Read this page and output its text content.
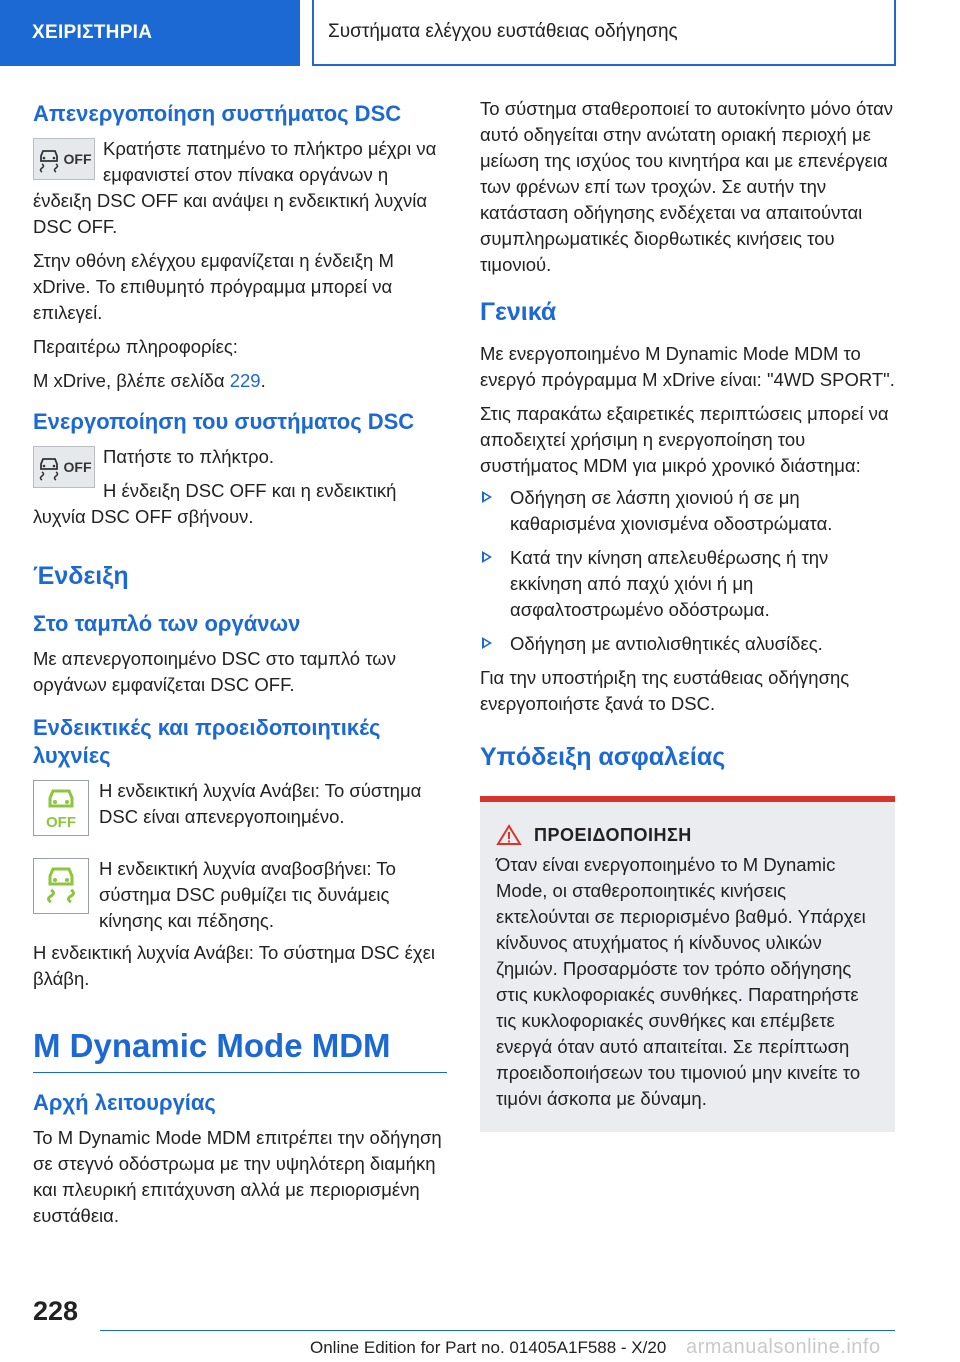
ΧΕΙΡΙΣΤΗΡΙΑ	Συστήματα ελέγχου ευστάθειας οδήγησης
Απενεργοποίηση συστήματος DSC
OFF Κρατήστε πατημένο το πλήκτρο μέχρι να εμφανιστεί στον πίνακα οργάνων η ένδειξη DSC OFF και ανάψει η ενδεικτική λυχνία DSC OFF.

Στην οθόνη ελέγχου εμφανίζεται η ένδειξη M xDrive. Το επιθυμητό πρόγραμμα μπορεί να επιλεγεί.

Περαιτέρω πληροφορίες:

M xDrive, βλέπε σελίδα 229.

Ενεργοποίηση του συστήματος DSC
OFF Πατήστε το πλήκτρο.

Η ένδειξη DSC OFF και η ενδεικτική λυχνία DSC OFF σβήνουν.

Ένδειξη
Στο ταμπλό των οργάνων

Με απενεργοποιημένο DSC στο ταμπλό των οργάνων εμφανίζεται DSC OFF.

Ενδεικτικές και προειδοποιητικές λυχνίες
OFF

Η ενδεικτική λυχνία Ανάβει: Το σύστημα DSC είναι απενεργοποιημένο.

Η ενδεικτική λυχνία αναβοσβήνει: Το σύστημα DSC ρυθμίζει τις δυνάμεις κίνησης και πέδησης.

Η ενδεικτική λυχνία Ανάβει: Το σύστημα DSC έχει βλάβη.

M Dynamic Mode MDM
Αρχή λειτουργίας

Το M Dynamic Mode MDM επιτρέπει την οδήγηση σε στεγνό οδόστρωμα με την υψηλότερη διαμήκη και πλευρική επιτάχυνση αλλά με περιορισμένη ευστάθεια.

Το σύστημα σταθεροποιεί το αυτοκίνητο μόνο όταν αυτό οδηγείται στην ανώτατη οριακή περιοχή με μείωση της ισχύος του κινητήρα και με επενέργεια των φρένων επί των τροχών. Σε αυτήν την κατάσταση οδήγησης ενδέχεται να απαιτούνται συμπληρωματικές διορθωτικές κινήσεις του τιμονιού.

Γενικά

Με ενεργοποιημένο M Dynamic Mode MDM το ενεργό πρόγραμμα M xDrive είναι: "4WD SPORT".

Στις παρακάτω εξαιρετικές περιπτώσεις μπορεί να αποδειχτεί χρήσιμη η ενεργοποίηση του συστήματος MDM για μικρό χρονικό διάστημα:

Οδήγηση σε λάσπη χιονιού ή σε μη καθαρισμένα χιονισμένα οδοστρώματα.
Κατά την κίνηση απελευθέρωσης ή την εκκίνηση από παχύ χιόνι ή μη ασφαλτοστρωμένο οδόστρωμα.
Οδήγηση με αντιολισθητικές αλυσίδες.

Για την υποστήριξη της ευστάθειας οδήγησης ενεργοποιήστε ξανά το DSC.

Υπόδειξη ασφαλείας
ΠΡΟΕΙΔΟΠΟΙΗΣΗ

Όταν είναι ενεργοποιημένο το M Dynamic Mode, οι σταθεροποιητικές κινήσεις εκτελούνται σε περιορισμένο βαθμό. Υπάρχει κίνδυνος ατυχήματος ή κίνδυνος υλικών ζημιών. Προσαρμόστε τον τρόπο οδήγησης στις κυκλοφοριακές συνθήκες. Παρατηρήστε τις κυκλοφοριακές συνθήκες και επέμβετε ενεργά όταν αυτό απαιτείται. Σε περίπτωση προειδοποιήσεων του τιμονιού μην κινείτε το τιμόνι άσκοπα με δύναμη.

228
Online Edition for Part no. 01405A1F588 - X/20 armanualsonline.info
